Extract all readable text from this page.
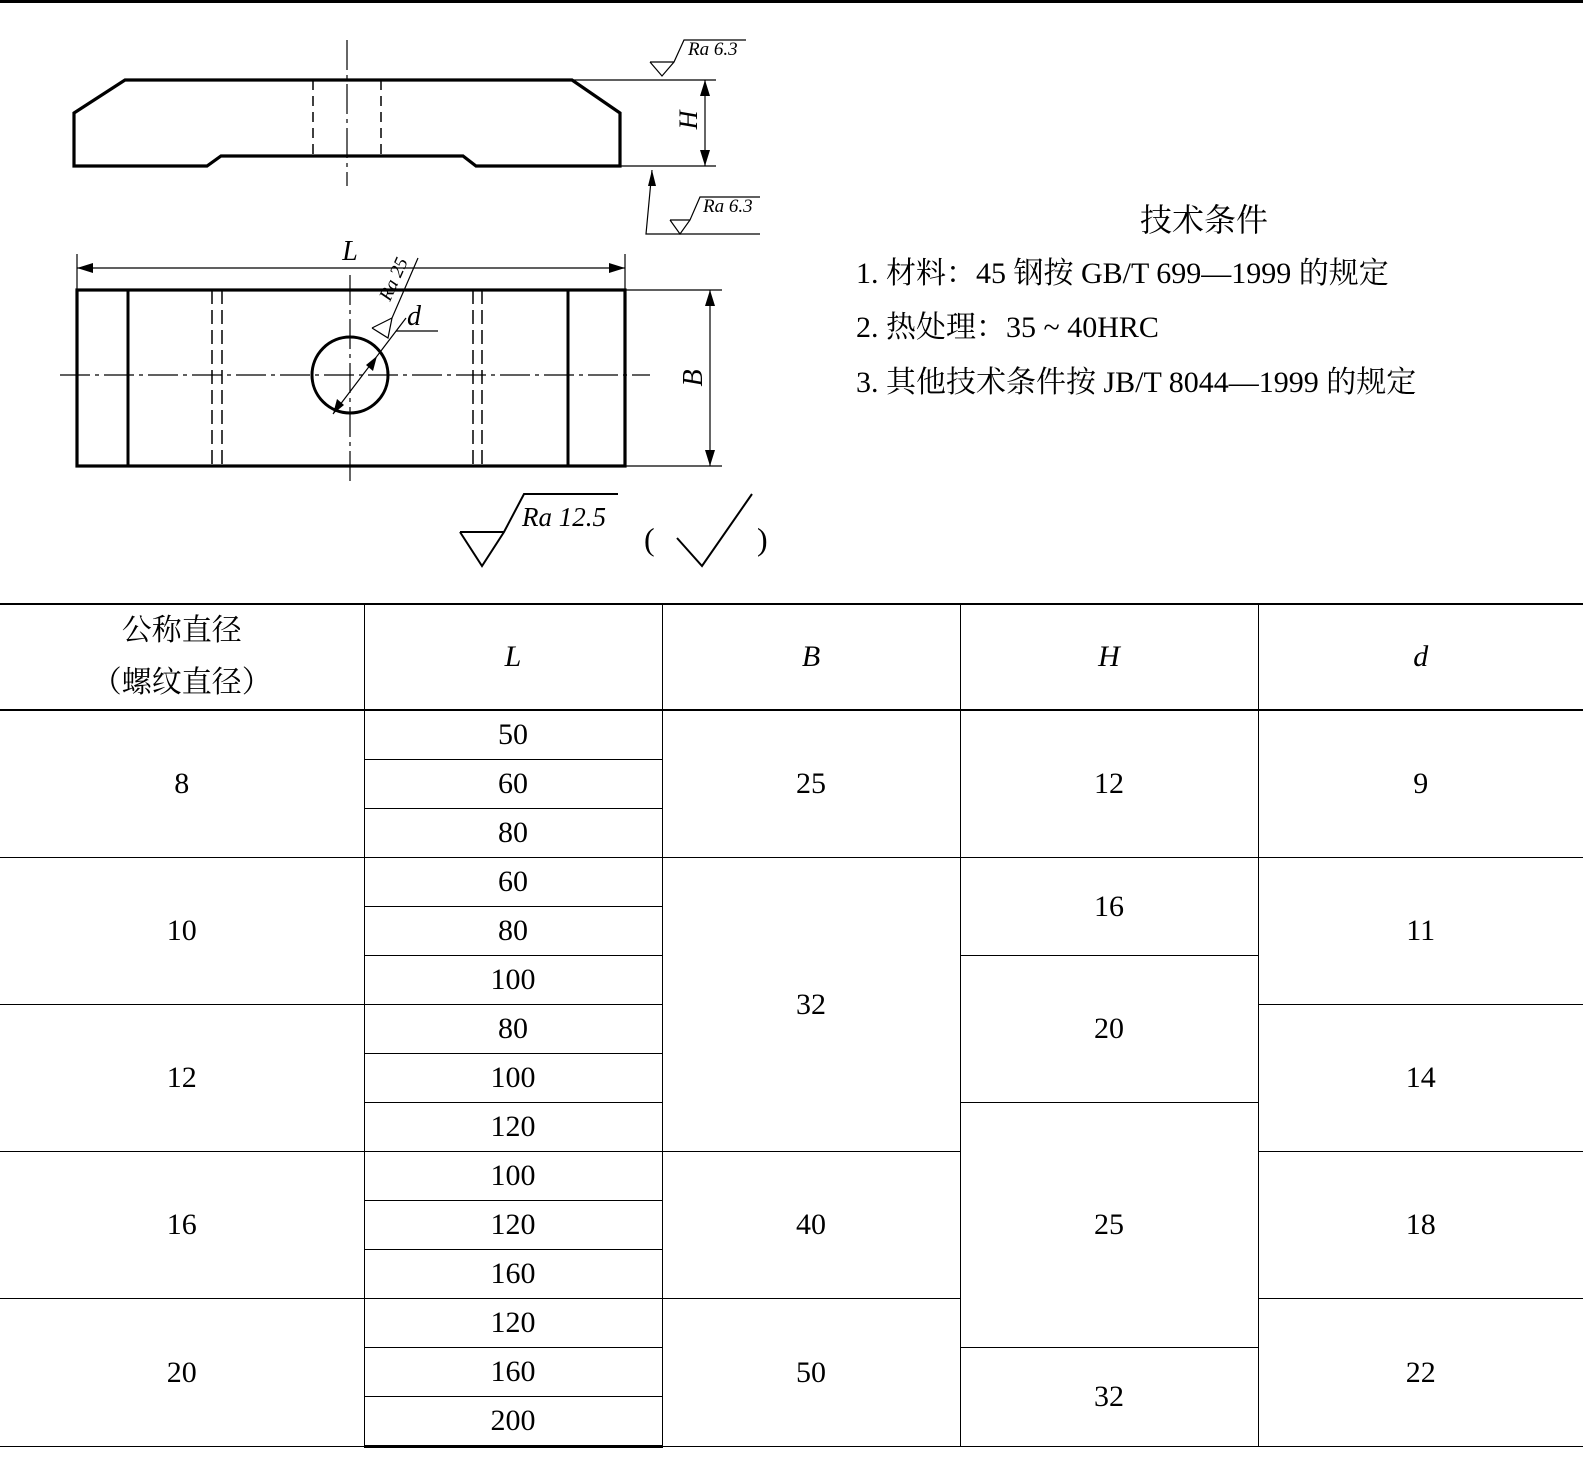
Ra 6.3
Ra 6.3
H
L
B
d
Ra 25
Ra 12.5
(	)
技术条件
1. 材料：45 钢按 GB/T 699—1999 的规定
2. 热处理：35 ~ 40HRC
3. 其他技术条件按 JB/T 8044—1999 的规定
公称直径
（螺纹直径）	L	B	H	d
8	50	25	12	9
	60			
	80			
10	60	32	16	11
	80			
	100		20	
12	80			14
	100			
	120		25	
16	100	40		18
	120			
	160			
20	120	50		22
	160		32	
	200			
